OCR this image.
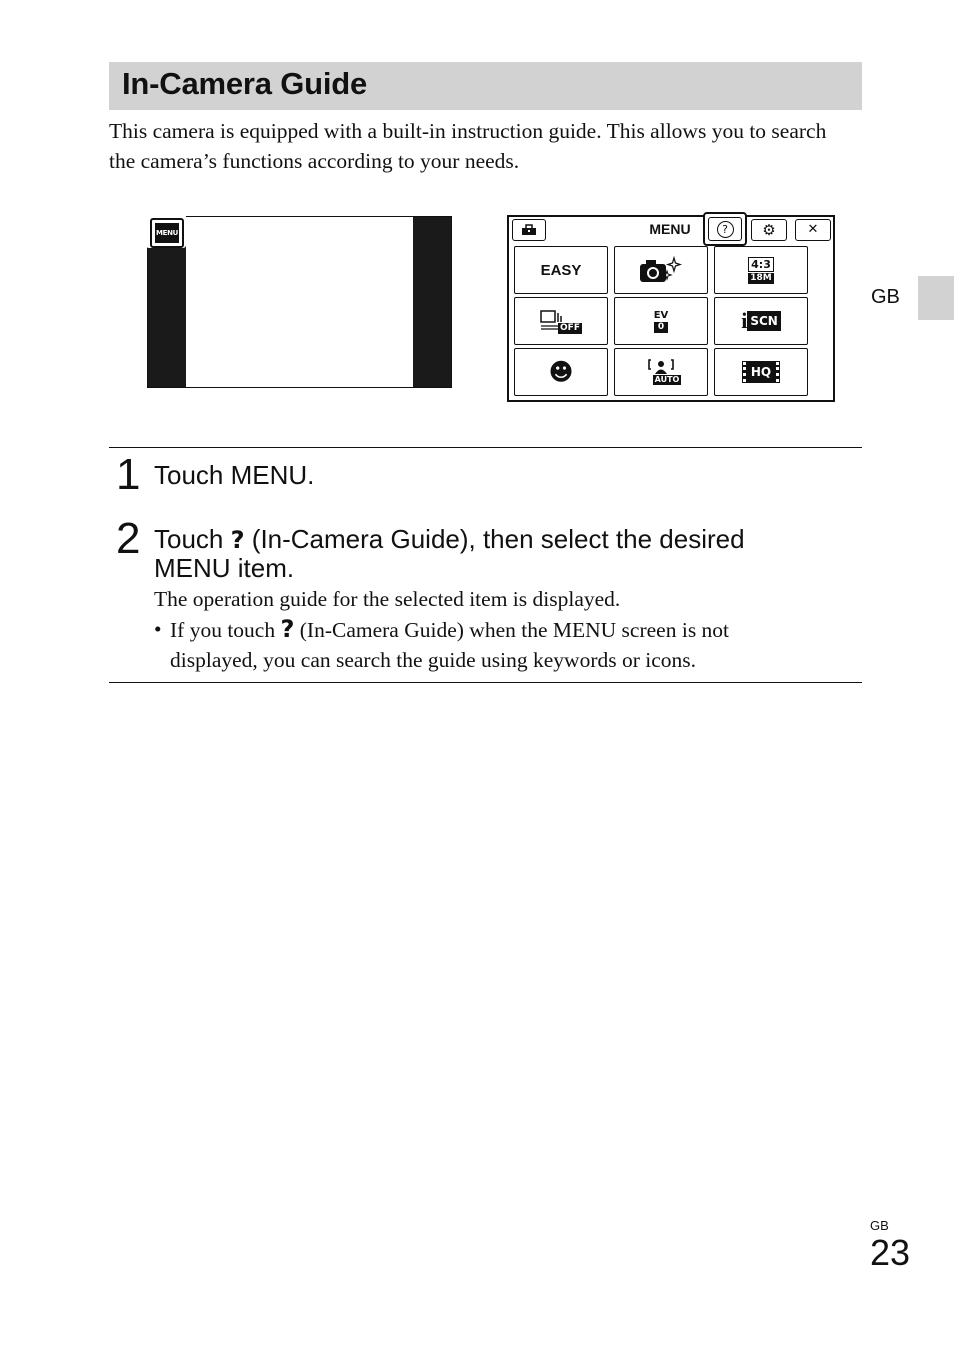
In-Camera Guide
This camera is equipped with a built-in instruction guide. This allows you to search the camera’s functions according to your needs.
GB
MENU	MENU	?	⚙	✕
EASY	4:3
18M
OFF
EV
0	i SCN
☻	AUTO
HQ
1 Touch MENU.
2 Touch ? (In-Camera Guide), then select the desired
MENU item.
The operation guide for the selected item is displayed.
• If you touch ? (In-Camera Guide) when the MENU screen is not
displayed, you can search the guide using keywords or icons.
GB
23
